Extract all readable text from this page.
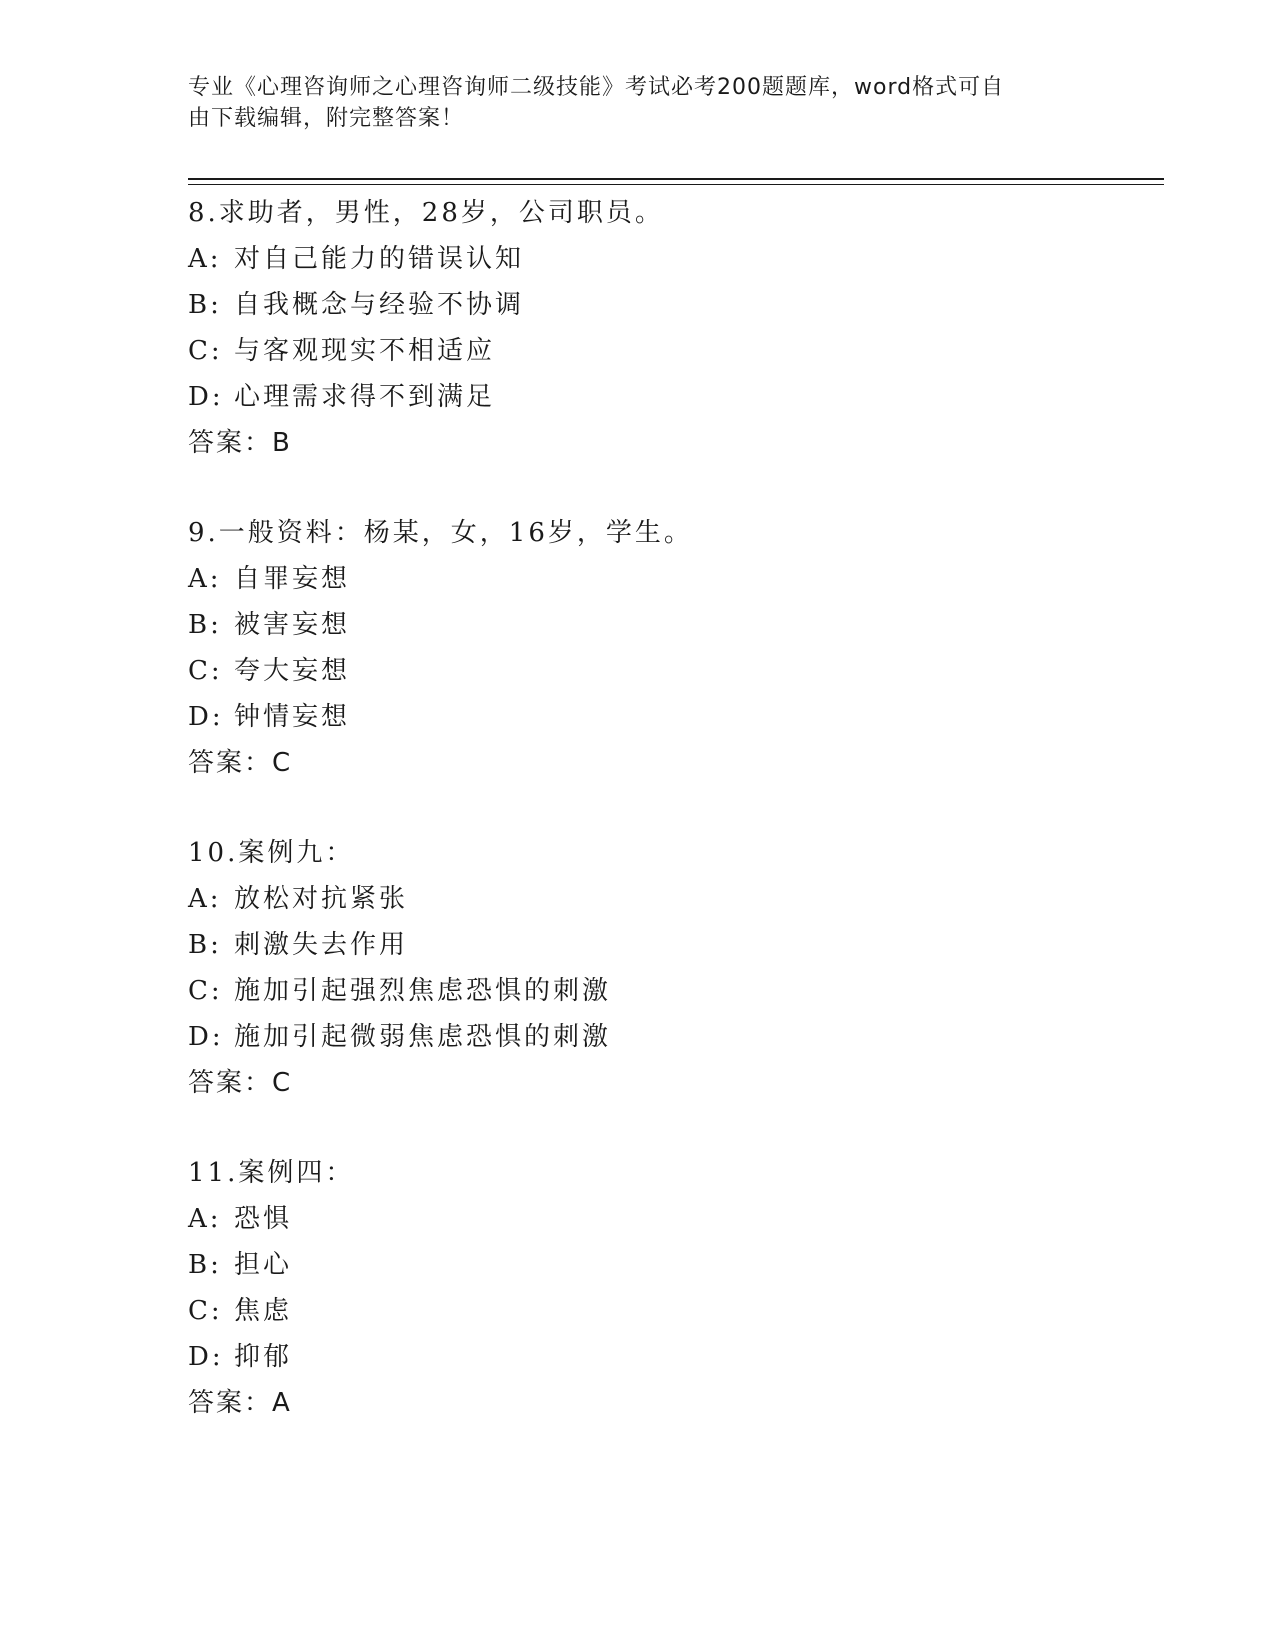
专业《心理咨询师之心理咨询师二级技能》考试必考200题题库，word格式可自
由下载编辑，附完整答案！
8.求助者，男性，28岁，公司职员。
A: 对自己能力的错误认知
B: 自我概念与经验不协调
C: 与客观现实不相适应
D: 心理需求得不到满足
答案：B
9.一般资料：杨某，女，16岁，学生。
A: 自罪妄想
B: 被害妄想
C: 夸大妄想
D: 钟情妄想
答案：C
10.案例九：
A: 放松对抗紧张
B: 刺激失去作用
C: 施加引起强烈焦虑恐惧的刺激
D: 施加引起微弱焦虑恐惧的刺激
答案：C
11.案例四：
A: 恐惧
B: 担心
C: 焦虑
D: 抑郁
答案：A
